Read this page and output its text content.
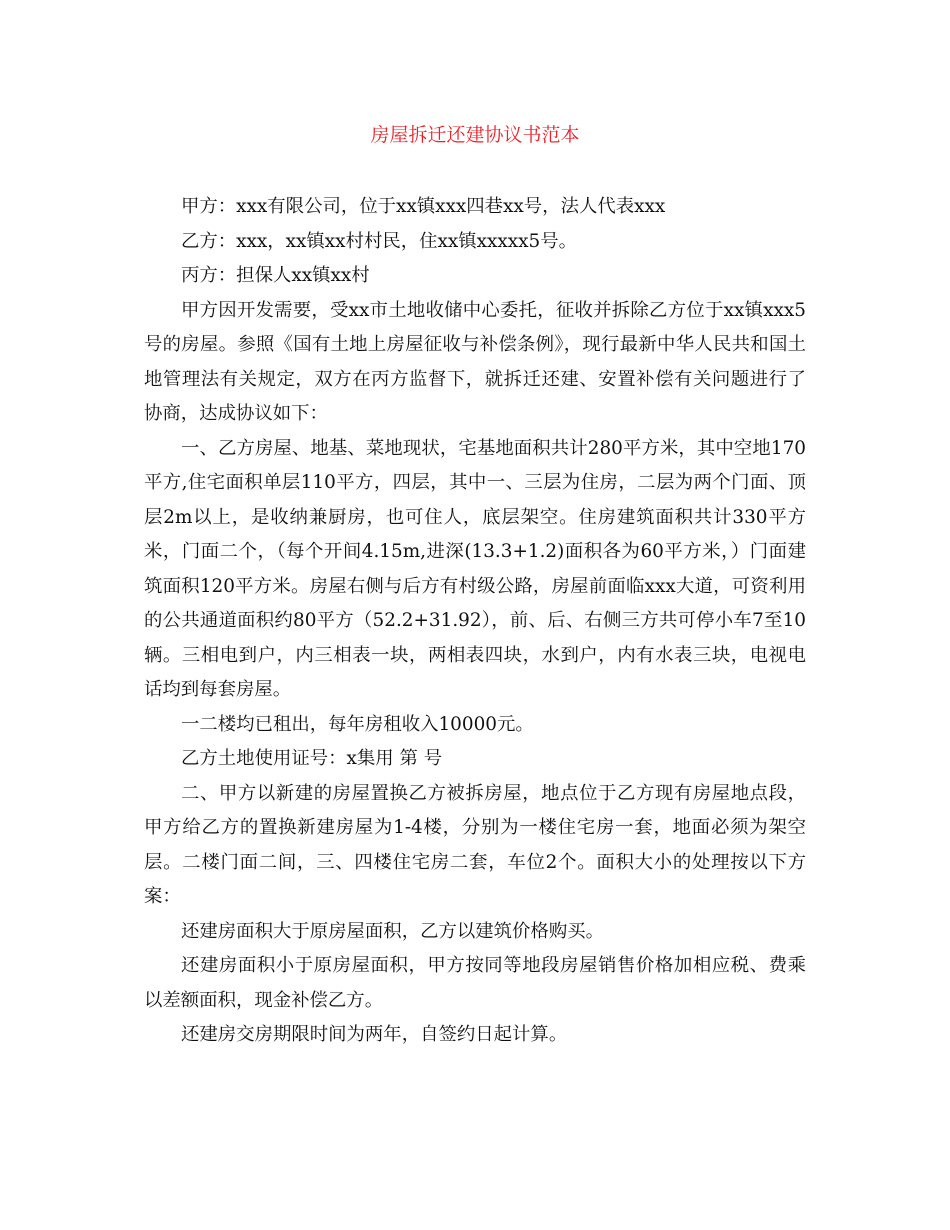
房屋拆迁还建协议书范本

甲方：xxx有限公司，位于xx镇xxx四巷xx号，法人代表xxx

乙方：xxx，xx镇xx村村民，住xx镇xxxxx5号。

丙方：担保人xx镇xx村

甲方因开发需要，受xx市土地收储中心委托，征收并拆除乙方位于xx镇xxx5号的房屋。参照《国有土地上房屋征收与补偿条例》，现行最新中华人民共和国土地管理法有关规定，双方在丙方监督下，就拆迁还建、安置补偿有关问题进行了协商，达成协议如下：

一、乙方房屋、地基、菜地现状，宅基地面积共计280平方米，其中空地170平方,住宅面积单层110平方，四层，其中一、三层为住房，二层为两个门面、顶层2m以上，是收纳兼厨房，也可住人，底层架空。住房建筑面积共计330平方米，门面二个，（每个开间4.15m,进深(13.3+1.2)面积各为60平方米，）门面建筑面积120平方米。房屋右侧与后方有村级公路，房屋前面临xxx大道，可资利用的公共通道面积约80平方（52.2+31.92），前、后、右侧三方共可停小车7至10辆。三相电到户，内三相表一块，两相表四块，水到户，内有水表三块，电视电话均到每套房屋。

一二楼均已租出，每年房租收入10000元。

乙方土地使用证号：x集用 第 号

二、甲方以新建的房屋置换乙方被拆房屋，地点位于乙方现有房屋地点段，甲方给乙方的置换新建房屋为1-4楼，分别为一楼住宅房一套，地面必须为架空层。二楼门面二间，三、四楼住宅房二套，车位2个。面积大小的处理按以下方案：

还建房面积大于原房屋面积，乙方以建筑价格购买。

还建房面积小于原房屋面积，甲方按同等地段房屋销售价格加相应税、费乘以差额面积，现金补偿乙方。

还建房交房期限时间为两年，自签约日起计算。
